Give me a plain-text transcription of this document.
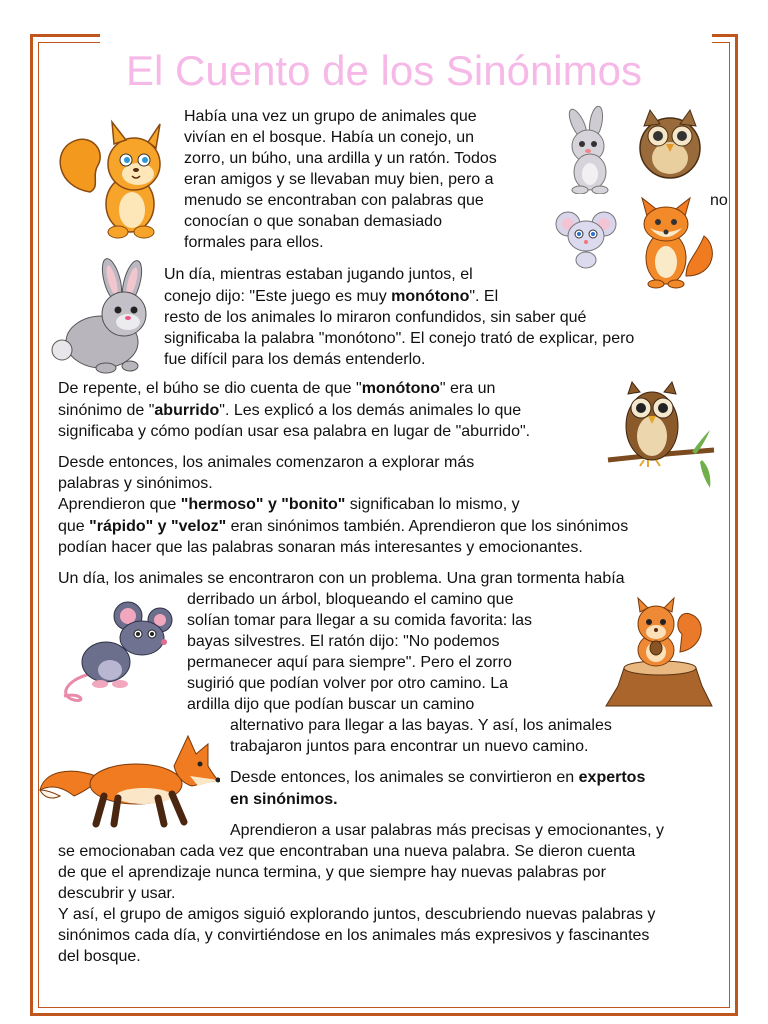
El Cuento de los Sinónimos
Había una vez un grupo de animales que
vivían en el bosque. Había un conejo, un
zorro, un búho, una ardilla y un ratón. Todos
eran amigos y se llevaban muy bien, pero a
menudo se encontraban con palabras que
conocían o que sonaban demasiado
formales para ellos.
no
Un día, mientras estaban jugando juntos, el
conejo dijo: "Este juego es muy monótono". El
resto de los animales lo miraron confundidos, sin saber qué
significaba la palabra "monótono". El conejo trató de explicar, pero
fue difícil para los demás entenderlo.
De repente, el búho se dio cuenta de que "monótono" era un
sinónimo de "aburrido". Les explicó a los demás animales lo que
significaba y cómo podían usar esa palabra en lugar de "aburrido".
Desde entonces, los animales comenzaron a explorar más
palabras y sinónimos.
Aprendieron que "hermoso" y "bonito" significaban lo mismo, y
que "rápido" y "veloz" eran sinónimos también. Aprendieron que los sinónimos
podían hacer que las palabras sonaran más interesantes y emocionantes.
Un día, los animales se encontraron con un problema. Una gran tormenta había
derribado un árbol, bloqueando el camino que
solían tomar para llegar a su comida favorita: las
bayas silvestres. El ratón dijo: "No podemos
permanecer aquí para siempre". Pero el zorro
sugirió que podían volver por otro camino. La
ardilla dijo que podían buscar un camino
alternativo para llegar a las bayas. Y así, los animales
trabajaron juntos para encontrar un nuevo camino.
Desde entonces, los animales se convirtieron en expertos
en sinónimos.
Aprendieron a usar palabras más precisas y emocionantes, y
se emocionaban cada vez que encontraban una nueva palabra. Se dieron cuenta
de que el aprendizaje nunca termina, y que siempre hay nuevas palabras por
descubrir y usar.
Y así, el grupo de amigos siguió explorando juntos, descubriendo nuevas palabras y
sinónimos cada día, y convirtiéndose en los animales más expresivos y fascinantes
del bosque.
